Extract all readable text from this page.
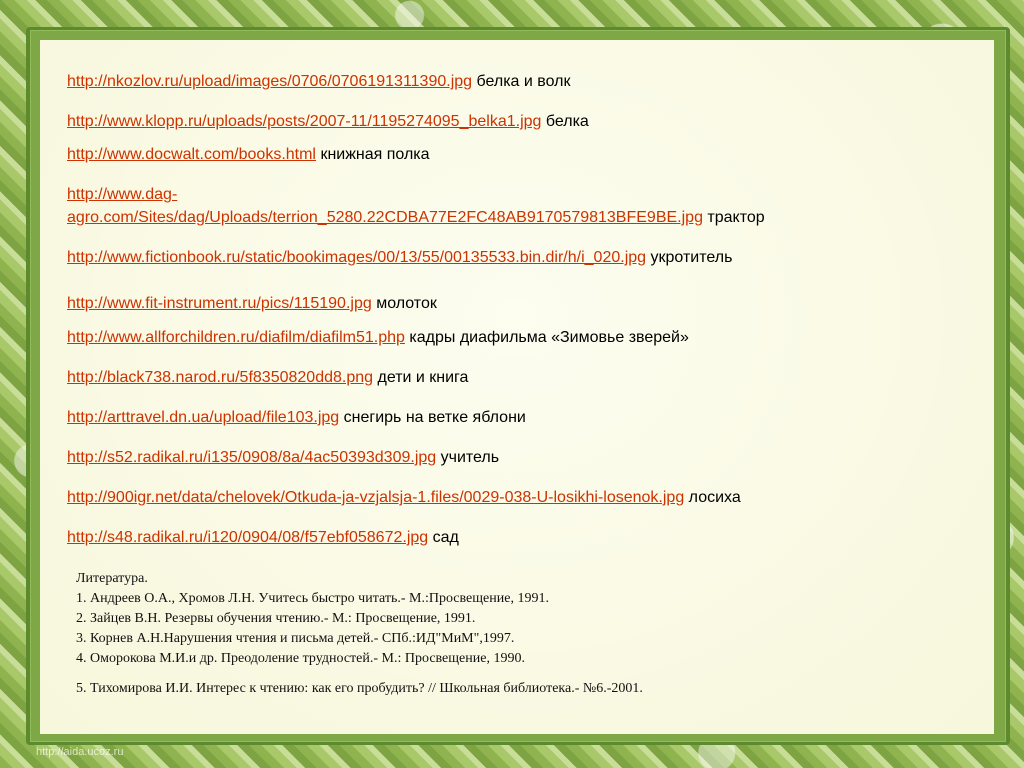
http://nkozlov.ru/upload/images/0706/0706191311390.jpg белка и волк
http://www.klopp.ru/uploads/posts/2007-11/1195274095_belka1.jpg белка
http://www.docwalt.com/books.html книжная полка
http://www.dag-
agro.com/Sites/dag/Uploads/terrion_5280.22CDBA77E2FC48AB9170579813BFE9BE.jpg трактор
http://www.fictionbook.ru/static/bookimages/00/13/55/00135533.bin.dir/h/i_020.jpg укротитель
http://www.fit-instrument.ru/pics/115190.jpg молоток
http://www.allforchildren.ru/diafilm/diafilm51.php кадры диафильма «Зимовье зверей»
http://black738.narod.ru/5f8350820dd8.png дети и книга
http://arttravel.dn.ua/upload/file103.jpg снегирь на ветке яблони
http://s52.radikal.ru/i135/0908/8a/4ac50393d309.jpg учитель
http://900igr.net/data/chelovek/Otkuda-ja-vzjalsja-1.files/0029-038-U-losikhi-losenok.jpg лосиха
http://s48.radikal.ru/i120/0904/08/f57ebf058672.jpg сад
Литература.
1. Андреев О.А., Хромов Л.Н. Учитесь быстро читать.- М.:Просвещение, 1991.
2. Зайцев В.Н. Резервы обучения чтению.- М.: Просвещение, 1991.
3. Корнев А.Н.Нарушения чтения и письма детей.- СПб.:ИД"МиМ",1997.
4. Оморокова М.И.и др. Преодоление трудностей.- М.: Просвещение, 1990.
5. Тихомирова И.И. Интерес к чтению: как его пробудить? // Школьная библиотека.- №6.-2001.
http://aida.ucoz.ru
